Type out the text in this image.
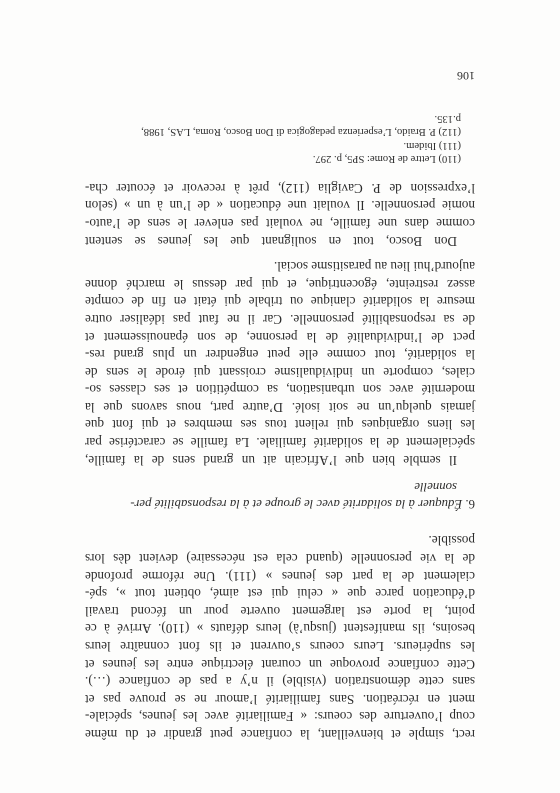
rect, simple et bienveillant, la confiance peut grandir et du même
coup l’ouverture des coeurs: « Familiarité avec les jeunes, spéciale-
ment en récréation. Sans familiarité l’amour ne se prouve pas et
sans cette démonstration (visible) il n’y a pas de confiance (…).
Cette confiance provoque un courant électrique entre les jeunes et
les supérieurs. Leurs coeurs s’ouvrent et ils font connaître leurs
besoins, ils manifestent (jusqu’à) leurs défauts » (110). Arrivé à ce
point, la porte est largement ouverte pour un fécond travail
d’éducation parce que « celui qui est aimé, obtient tout », spé-
cialement de la part des jeunes » (111). Une réforme profonde
de la vie personnelle (quand cela est nécessaire) devient dès lors
possible.

6. Éduquer à la solidarité avec le groupe et à la responsabilité per-
sonnelle

Il semble bien que l’Africain ait un grand sens de la famille,
spécialement de la solidarité familiale. La famille se caractérise par
les liens organiques qui relient tous ses membres et qui font que
jamais quelqu’un ne soit isolé. D’autre part, nous savons que la
modernité avec son urbanisation, sa compétition et ses classes so-
ciales, comporte un individualisme croissant qui érode le sens de
la solidarité, tout comme elle peut engendrer un plus grand res-
pect de l’individualité de la personne, de son épanouissement et
de sa responsabilité personnelle. Car il ne faut pas idéaliser outre
mesure la solidarité clanique ou tribale qui était en fin de compte
assez restreinte, égocentrique, et qui par dessus le marché donne
aujourd’hui lieu au parasitisme social.

Don Bosco, tout en soulignant que les jeunes se sentent
comme dans une famille, ne voulait pas enlever le sens de l’auto-
nomie personnelle. Il voulait une éducation « de l’un à un » (selon
l’expression de P. Caviglia (112), prêt à recevoir et écouter cha-

(110) Lettre de Rome: SP5, p. 297.
(111) Ibidem.
(112) P. Braido, L’esperienza pedagogica di Don Bosco, Roma, LAS, 1988,
p.135.
106
